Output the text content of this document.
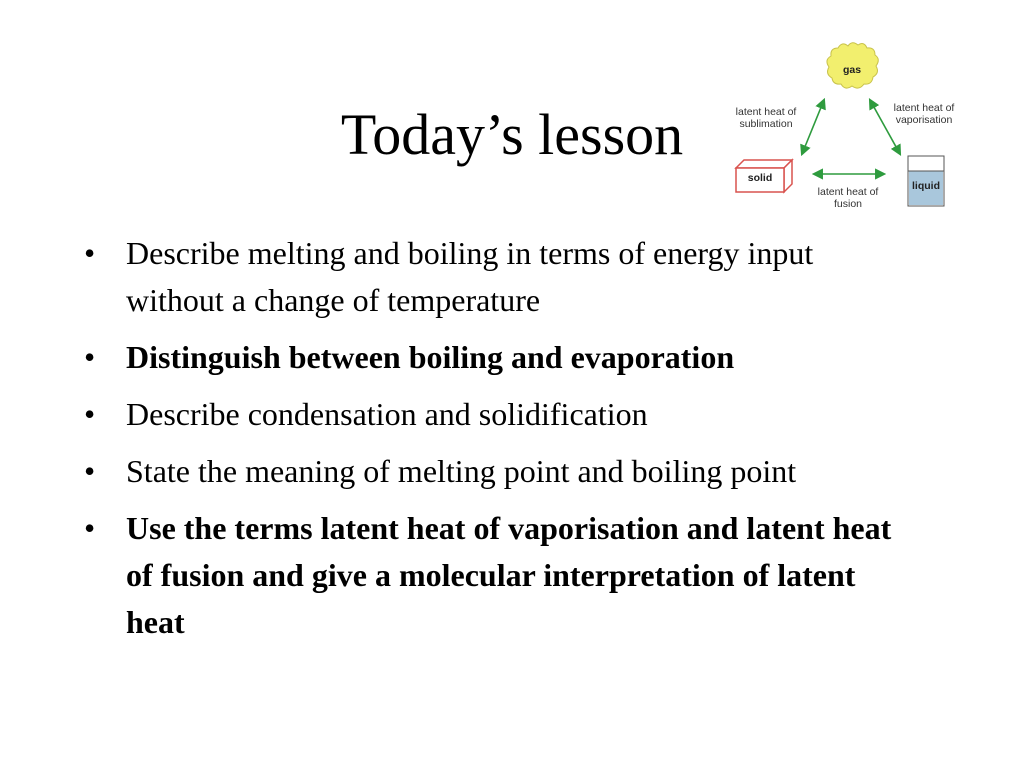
Today’s lesson
gas
solid
liquid
latent heat of
sublimation
latent heat of
vaporisation
latent heat of
fusion
• Describe melting and boiling in terms of energy input without a change of temperature
• Distinguish between boiling and evaporation
• Describe condensation and solidification
• State the meaning of melting point and boiling point
• Use the terms latent heat of vaporisation and latent heat of fusion and give a molecular interpretation of latent heat
